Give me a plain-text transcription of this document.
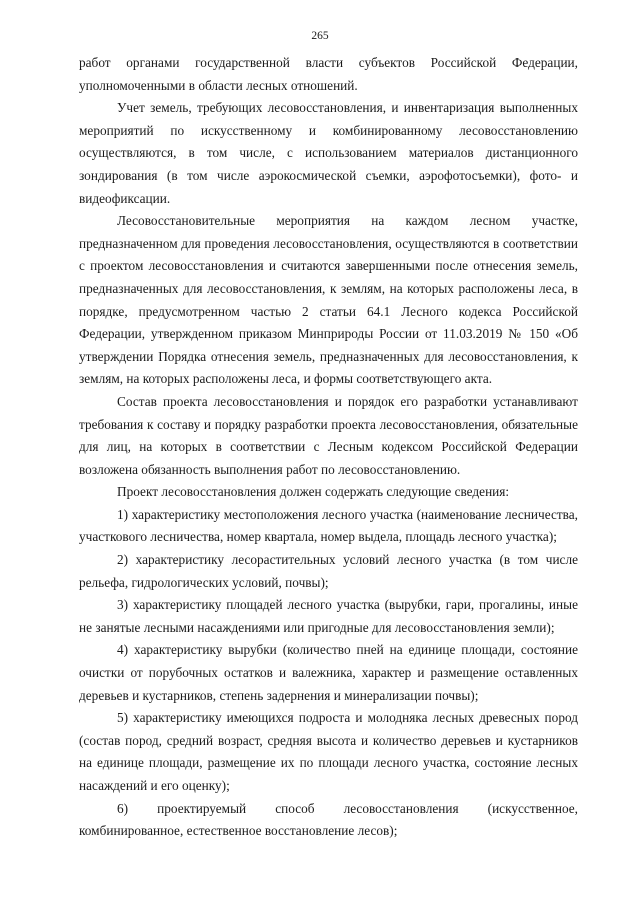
265

работ органами государственной власти субъектов Российской Федерации, уполномоченными в области лесных отношений.

Учет земель, требующих лесовосстановления, и инвентаризация выполненных мероприятий по искусственному и комбинированному лесовосстановлению осуществляются, в том числе, с использованием материалов дистанционного зондирования (в том числе аэрокосмической съемки, аэрофотосъемки), фото- и видеофиксации.

Лесовосстановительные мероприятия на каждом лесном участке, предназначенном для проведения лесовосстановления, осуществляются в соответствии с проектом лесовосстановления и считаются завершенными после отнесения земель, предназначенных для лесовосстановления, к землям, на которых расположены леса, в порядке, предусмотренном частью 2 статьи 64.1 Лесного кодекса Российской Федерации, утвержденном приказом Минприроды России от 11.03.2019 № 150 «Об утверждении Порядка отнесения земель, предназначенных для лесовосстановления, к землям, на которых расположены леса, и формы соответствующего акта.

Состав проекта лесовосстановления и порядок его разработки устанавливают требования к составу и порядку разработки проекта лесовосстановления, обязательные для лиц, на которых в соответствии с Лесным кодексом Российской Федерации возложена обязанность выполнения работ по лесовосстановлению.

Проект лесовосстановления должен содержать следующие сведения:

1) характеристику местоположения лесного участка (наименование лесничества, участкового лесничества, номер квартала, номер выдела, площадь лесного участка);

2) характеристику лесорастительных условий лесного участка (в том числе рельефа, гидрологических условий, почвы);

3) характеристику площадей лесного участка (вырубки, гари, прогалины, иные не занятые лесными насаждениями или пригодные для лесовосстановления земли);

4) характеристику вырубки (количество пней на единице площади, состояние очистки от порубочных остатков и валежника, характер и размещение оставленных деревьев и кустарников, степень задернения и минерализации почвы);

5) характеристику имеющихся подроста и молодняка лесных древесных пород (состав пород, средний возраст, средняя высота и количество деревьев и кустарников на единице площади, размещение их по площади лесного участка, состояние лесных насаждений и его оценку);

6) проектируемый способ лесовосстановления (искусственное, комбинированное, естественное восстановление лесов);
